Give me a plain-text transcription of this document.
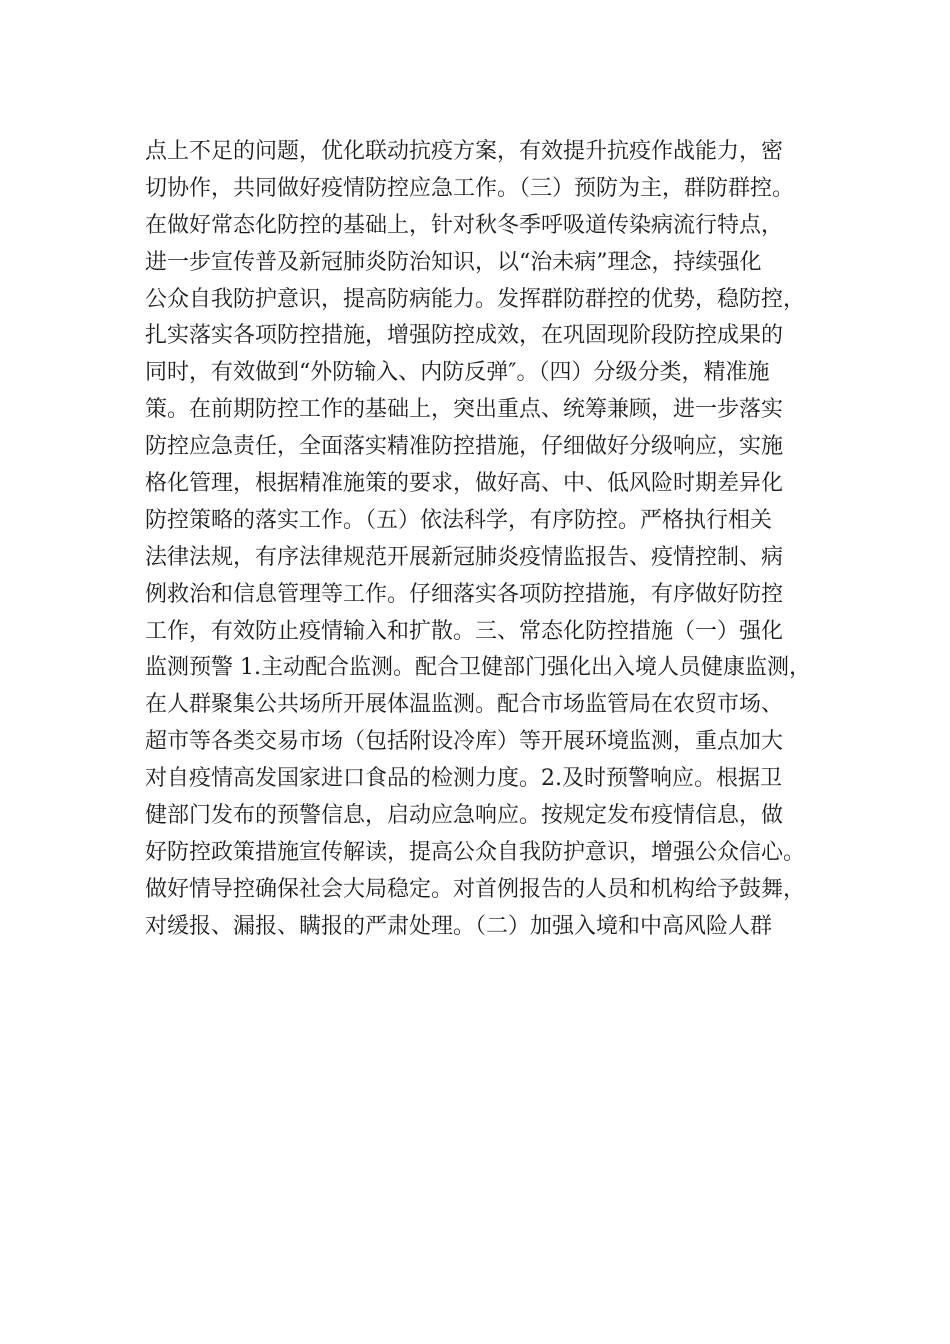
点上不足的问题，优化联动抗疫方案，有效提升抗疫作战能力，密
切协作，共同做好疫情防控应急工作。（三）预防为主，群防群控。
在做好常态化防控的基础上，针对秋冬季呼吸道传染病流行特点，
进一步宣传普及新冠肺炎防治知识，以“治未病”理念，持续强化
公众自我防护意识，提高防病能力。发挥群防群控的优势，稳防控，
扎实落实各项防控措施，增强防控成效，在巩固现阶段防控成果的
同时，有效做到“外防输入、内防反弹″。（四）分级分类，精准施
策。在前期防控工作的基础上，突出重点、统筹兼顾，进一步落实
防控应急责任，全面落实精准防控措施，仔细做好分级响应，实施
格化管理，根据精准施策的要求，做好高、中、低风险时期差异化
防控策略的落实工作。（五）依法科学，有序防控。严格执行相关
法律法规，有序法律规范开展新冠肺炎疫情监报告、疫情控制、病
例救治和信息管理等工作。仔细落实各项防控措施，有序做好防控
工作，有效防止疫情输入和扩散。三、常态化防控措施（一）强化
监测预警 1.主动配合监测。配合卫健部门强化出入境人员健康监测，
在人群聚集公共场所开展体温监测。配合市场监管局在农贸市场、
超市等各类交易市场（包括附设冷库）等开展环境监测，重点加大
对自疫情高发国家进口食品的检测力度。2.及时预警响应。根据卫
健部门发布的预警信息，启动应急响应。按规定发布疫情信息，做
好防控政策措施宣传解读，提高公众自我防护意识，增强公众信心。
做好情导控确保社会大局稳定。对首例报告的人员和机构给予鼓舞，
对缓报、漏报、瞒报的严肃处理。（二）加强入境和中高风险人群
